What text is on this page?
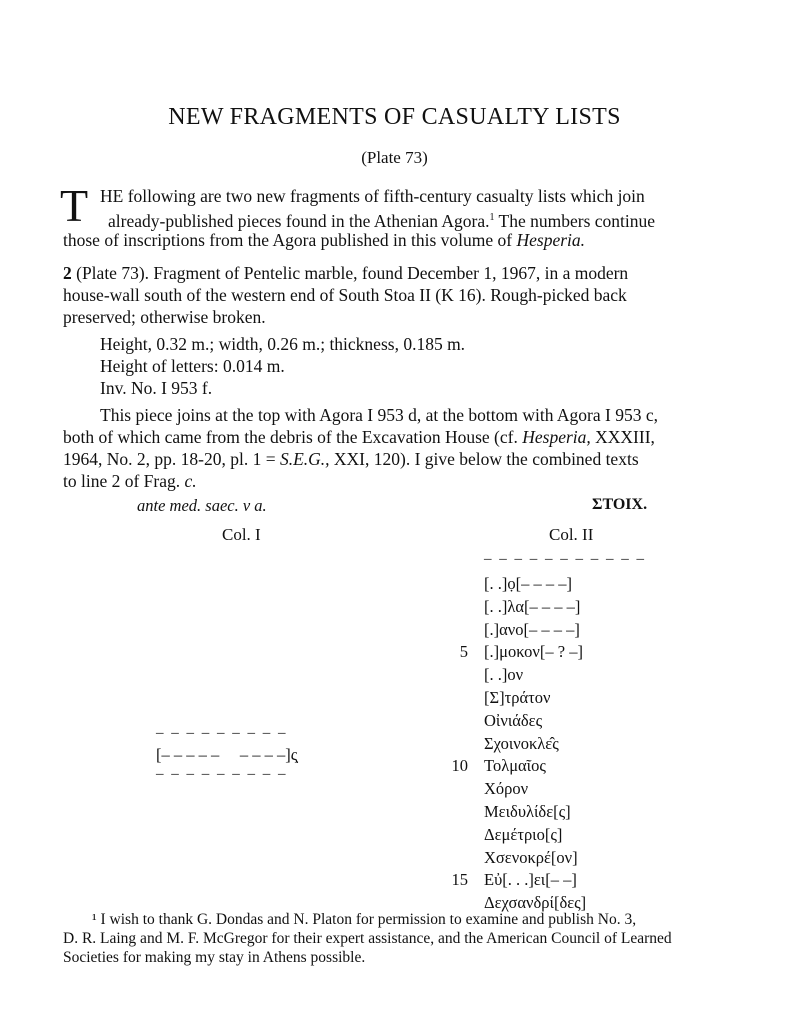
NEW FRAGMENTS OF CASUALTY LISTS
(Plate 73)
T HE following are two new fragments of fifth-century casualty lists which join
already-published pieces found in the Athenian Agora.$^1$ The numbers continue
those of inscriptions from the Agora published in this volume of Hesperia.
2 (Plate 73). Fragment of Pentelic marble, found December 1, 1967, in a modern
house-wall south of the western end of South Stoa II (K 16). Rough-picked back
preserved; otherwise broken.
Height, 0.32 m.; width, 0.26 m.; thickness, 0.185 m.
Height of letters: 0.014 m.
Inv. No. I 953 f.
This piece joins at the top with Agora I 953 d, at the bottom with Agora I 953 c,
both of which came from the debris of the Excavation House (cf. Hesperia, XXXIII,
1964, No. 2, pp. 18-20, pl. 1 = S.E.G., XXI, 120). I give below the combined texts
to line 2 of Frag. c.
ante med. saec. v a.	ΣTOIX.
Col. I	Col. II
– – – – – – – – –
[– – – – –     – – – –]ς̣
– – – – – – – – –
– – – – – – – – – – –
[. .]ọ[– – – –]
[. .]λα[– – – –]
[.]ανο[– – – –]
5 [.]μοκον[– ? –]
[. .]ον
[Σ]τράτον
Οἰνιάδες
Σχοινοκλε̂ς
10 Τολμαῖος
Χόρον
Μειδυλίδε[ς]
Δεμέτριο[ς]
Χσενοκρέ[ον]
15 Εὐ[. . .]ει[– –]
Δεχσανδρί[δες]
¹ I wish to thank G. Dondas and N. Platon for permission to examine and publish No. 3,
D. R. Laing and M. F. McGregor for their expert assistance, and the American Council of Learned
Societies for making my stay in Athens possible.
